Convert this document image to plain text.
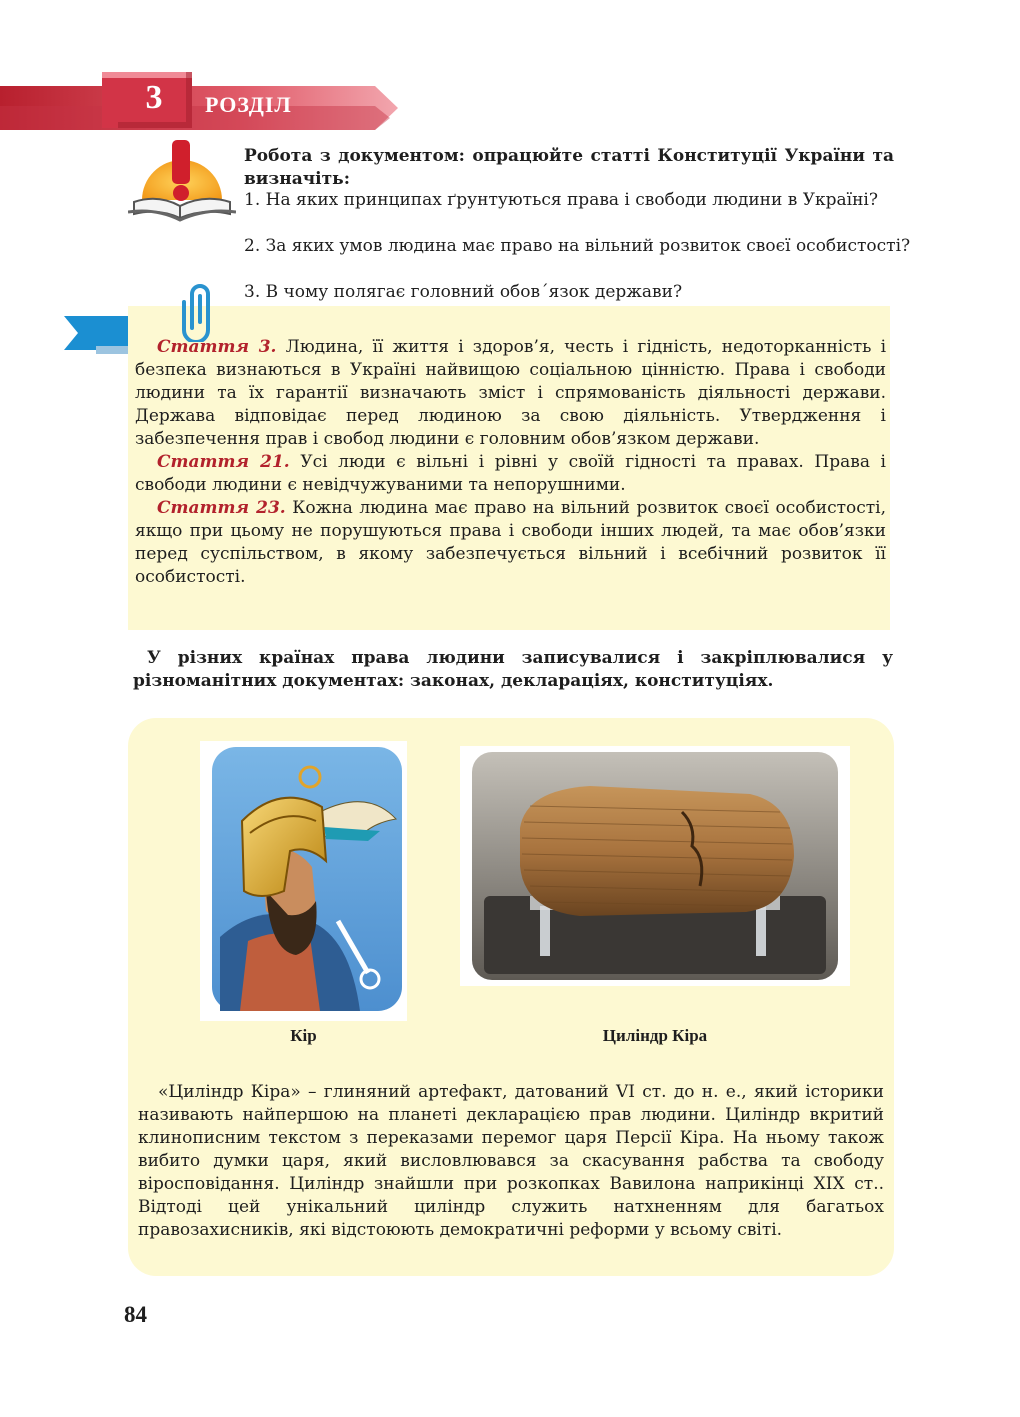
3	РОЗДІЛ
Робота з документом: опрацюйте статті Конституції України та визначіть:
1. На яких принципах ґрунтуються права і свободи людини в Україні?
2. За яких умов людина має право на вільний розвиток своєї особистості?
3. В чому полягає головний обов΄язок держави?

Стаття 3. Людина, її життя і здоров’я, честь і гідність, недоторканність і безпека визнаються в Україні найвищою соціальною цінністю. Права і свободи людини та їх гарантії визначають зміст і спрямованість діяльності держави. Держава відповідає перед людиною за свою діяльність. Утвердження і забезпечення прав і свобод людини є головним обов’язком держави.

Стаття 21. Усі люди є вільні і рівні у своїй гідності та правах. Права і свободи людини є невідчужуваними та непорушними.

Стаття 23. Кожна людина має право на вільний розвиток своєї особистості, якщо при цьому не порушуються права і свободи інших людей, та має обов’язки перед суспільством, в якому забезпечується вільний і всебічний розвиток її особистості.

У різних країнах права людини записувалися і закріплювалися у різноманітних документах: законах, деклараціях, конституціях.
Кір	Циліндр Кіра
«Циліндр Кіра» – глиняний артефакт, датований VI ст. до н. е., який історики називають найпершою на планеті декларацією прав людини. Циліндр вкритий клинописним текстом з переказами перемог царя Персії Кіра. На ньому також вибито думки царя, який висловлювався за скасування рабства та свободу віросповідання. Циліндр знайшли при розкопках Вавилона наприкінці XIX ст.. Відтоді цей унікальний циліндр служить натхненням для багатьох правозахисників, які відстоюють демократичні реформи у всьому світі.
84
